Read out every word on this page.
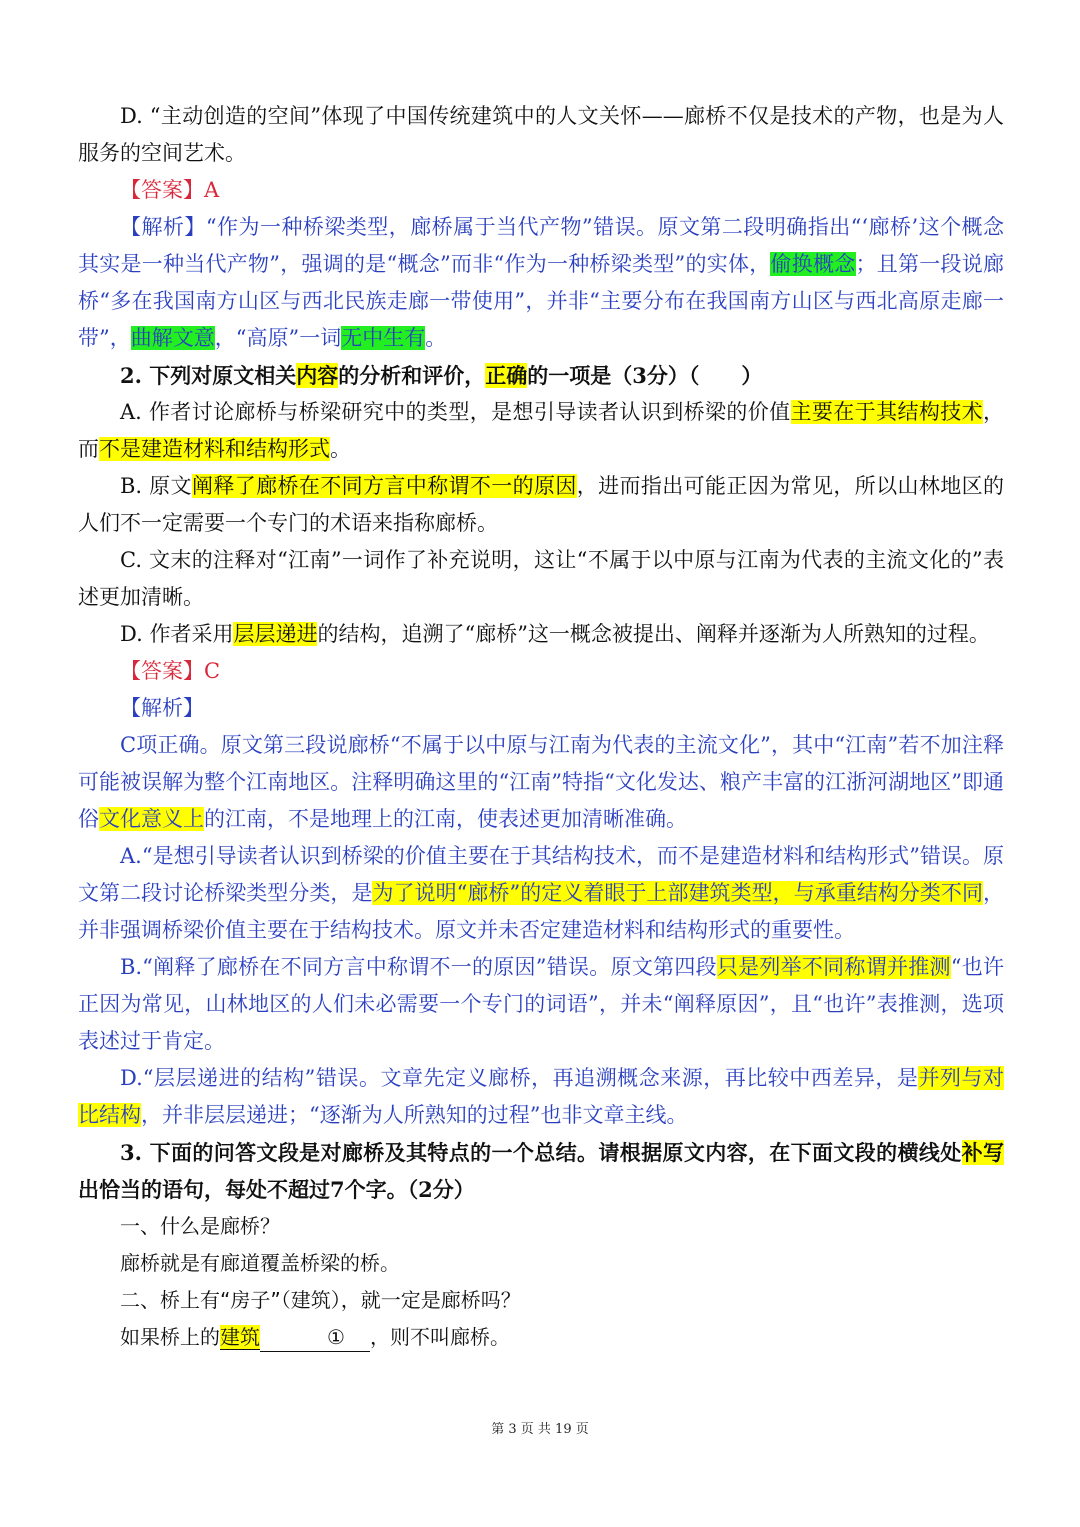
D. “主动创造的空间”体现了中国传统建筑中的人文关怀——廊桥不仅是技术的产物，也是为人服务的空间艺术。

【答案】A

【解析】“作为一种桥梁类型，廊桥属于当代产物”错误。原文第二段明确指出“‘廊桥’这个概念其实是一种当代产物”，强调的是“概念”而非“作为一种桥梁类型”的实体，偷换概念；且第一段说廊桥“多在我国南方山区与西北民族走廊一带使用”，并非“主要分布在我国南方山区与西北高原走廊一带”，曲解文意，“高原”一词无中生有。

2. 下列对原文相关内容的分析和评价，正确的一项是（3分）（　　）

A. 作者讨论廊桥与桥梁研究中的类型，是想引导读者认识到桥梁的价值主要在于其结构技术，而不是建造材料和结构形式。

B. 原文阐释了廊桥在不同方言中称谓不一的原因，进而指出可能正因为常见，所以山林地区的人们不一定需要一个专门的术语来指称廊桥。

C. 文末的注释对“江南”一词作了补充说明，这让“不属于以中原与江南为代表的主流文化的”表述更加清晰。

D. 作者采用层层递进的结构，追溯了“廊桥”这一概念被提出、阐释并逐渐为人所熟知的过程。

【答案】C

【解析】

C项正确。原文第三段说廊桥“不属于以中原与江南为代表的主流文化”，其中“江南”若不加注释可能被误解为整个江南地区。注释明确这里的“江南”特指“文化发达、粮产丰富的江浙河湖地区”即通俗文化意义上的江南，不是地理上的江南，使表述更加清晰准确。

A.“是想引导读者认识到桥梁的价值主要在于其结构技术，而不是建造材料和结构形式”错误。原文第二段讨论桥梁类型分类，是为了说明“廊桥”的定义着眼于上部建筑类型，与承重结构分类不同，并非强调桥梁价值主要在于结构技术。原文并未否定建造材料和结构形式的重要性。

B.“阐释了廊桥在不同方言中称谓不一的原因”错误。原文第四段只是列举不同称谓并推测“也许正因为常见，山林地区的人们未必需要一个专门的词语”，并未“阐释原因”，且“也许”表推测，选项表述过于肯定。

D.“层层递进的结构”错误。文章先定义廊桥，再追溯概念来源，再比较中西差异，是并列与对比结构，并非层层递进；“逐渐为人所熟知的过程”也非文章主线。

3. 下面的问答文段是对廊桥及其特点的一个总结。请根据原文内容，在下面文段的横线处补写出恰当的语句，每处不超过7个字。（2分）

一、什么是廊桥？

廊桥就是有廊道覆盖桥梁的桥。

二、桥上有“房子”（建筑），就一定是廊桥吗？

如果桥上的建筑	① ，则不叫廊桥。

第 3 页 共 19 页
